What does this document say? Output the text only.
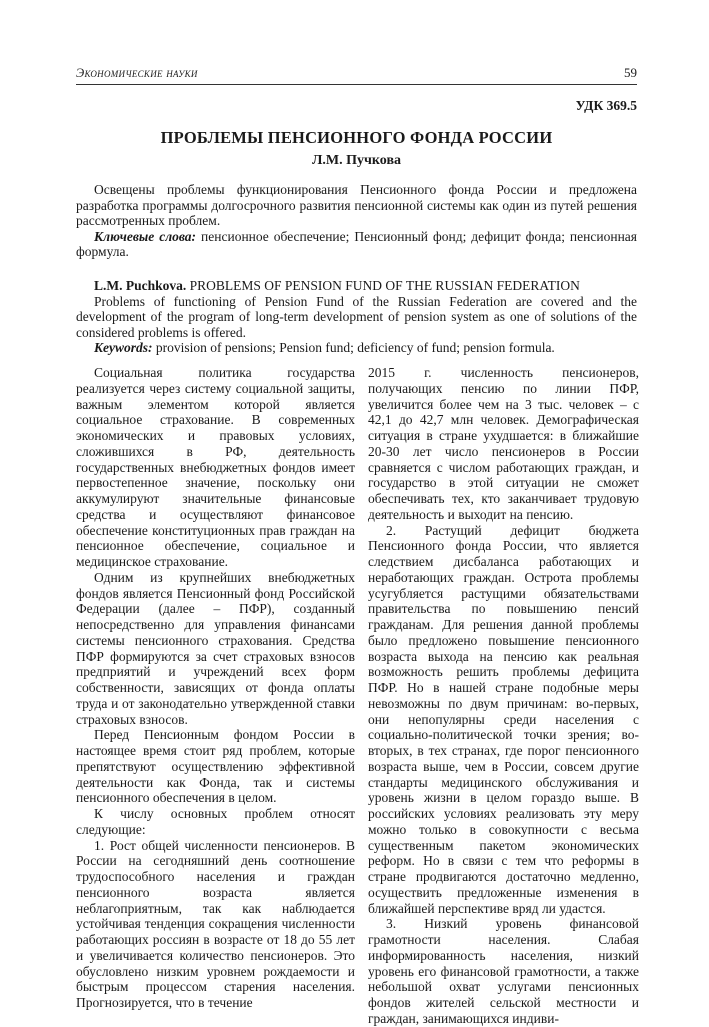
Экономические науки	59
УДК 369.5
ПРОБЛЕМЫ ПЕНСИОННОГО ФОНДА РОССИИ
Л.М. Пучкова

Освещены проблемы функционирования Пенсионного фонда России и предложена разработка программы долгосрочного развития пенсионной системы как один из путей решения рассмотренных проблем.

Ключевые слова: пенсионное обеспечение; Пенсионный фонд; дефицит фонда; пенсионная формула.

L.M. Puchkova. PROBLEMS OF PENSION FUND OF THE RUSSIAN FEDERATION

Problems of functioning of Pension Fund of the Russian Federation are covered and the development of the program of long-term development of pension system as one of solutions of the considered problems is offered.

Keywords: provision of pensions; Pension fund; deficiency of fund; pension formula.

Социальная политика государства реализуется через систему социальной защиты, важным элементом которой является социальное страхование. В современных экономических и правовых условиях, сложившихся в РФ, деятельность государственных внебюджетных фондов имеет первостепенное значение, поскольку они аккумулируют значительные финансовые средства и осуществляют финансовое обеспечение конституционных прав граждан на пенсионное обеспечение, социальное и медицинское страхование.

Одним из крупнейших внебюджетных фондов является Пенсионный фонд Российской Федерации (далее – ПФР), созданный непосредственно для управления финансами системы пенсионного страхования. Средства ПФР формируются за счет страховых взносов предприятий и учреждений всех форм собственности, зависящих от фонда оплаты труда и от законодательно утвержденной ставки страховых взносов.

Перед Пенсионным фондом России в настоящее время стоит ряд проблем, которые препятствуют осуществлению эффективной деятельности как Фонда, так и системы пенсионного обеспечения в целом.

К числу основных проблем относят следующие:

1. Рост общей численности пенсионеров. В России на сегодняшний день соотношение трудоспособного населения и граждан пенсионного возраста является неблагоприятным, так как наблюдается устойчивая тенденция сокращения численности работающих россиян в возрасте от 18 до 55 лет и увеличивается количество пенсионеров. Это обусловлено низким уровнем рождаемости и быстрым процессом старения населения. Прогнозируется, что в течение

2015 г. численность пенсионеров, получающих пенсию по линии ПФР, увеличится более чем на 3 тыс. человек – с 42,1 до 42,7 млн человек. Демографическая ситуация в стране ухудшается: в ближайшие 20-30 лет число пенсионеров в России сравняется с числом работающих граждан, и государство в этой ситуации не сможет обеспечивать тех, кто заканчивает трудовую деятельность и выходит на пенсию.

2. Растущий дефицит бюджета Пенсионного фонда России, что является следствием дисбаланса работающих и неработающих граждан. Острота проблемы усугубляется растущими обязательствами правительства по повышению пенсий гражданам. Для решения данной проблемы было предложено повышение пенсионного возраста выхода на пенсию как реальная возможность решить проблемы дефицита ПФР. Но в нашей стране подобные меры невозможны по двум причинам: во-первых, они непопулярны среди населения с социально-политической точки зрения; во-вторых, в тех странах, где порог пенсионного возраста выше, чем в России, совсем другие стандарты медицинского обслуживания и уровень жизни в целом гораздо выше. В российских условиях реализовать эту меру можно только в совокупности с весьма существенным пакетом экономических реформ. Но в связи с тем что реформы в стране продвигаются достаточно медленно, осуществить предложенные изменения в ближайшей перспективе вряд ли удастся.

3. Низкий уровень финансовой грамотности населения. Слабая информированность населения, низкий уровень его финансовой грамотности, а также небольшой охват услугами пенсионных фондов жителей сельской местности и граждан, занимающихся индиви-
